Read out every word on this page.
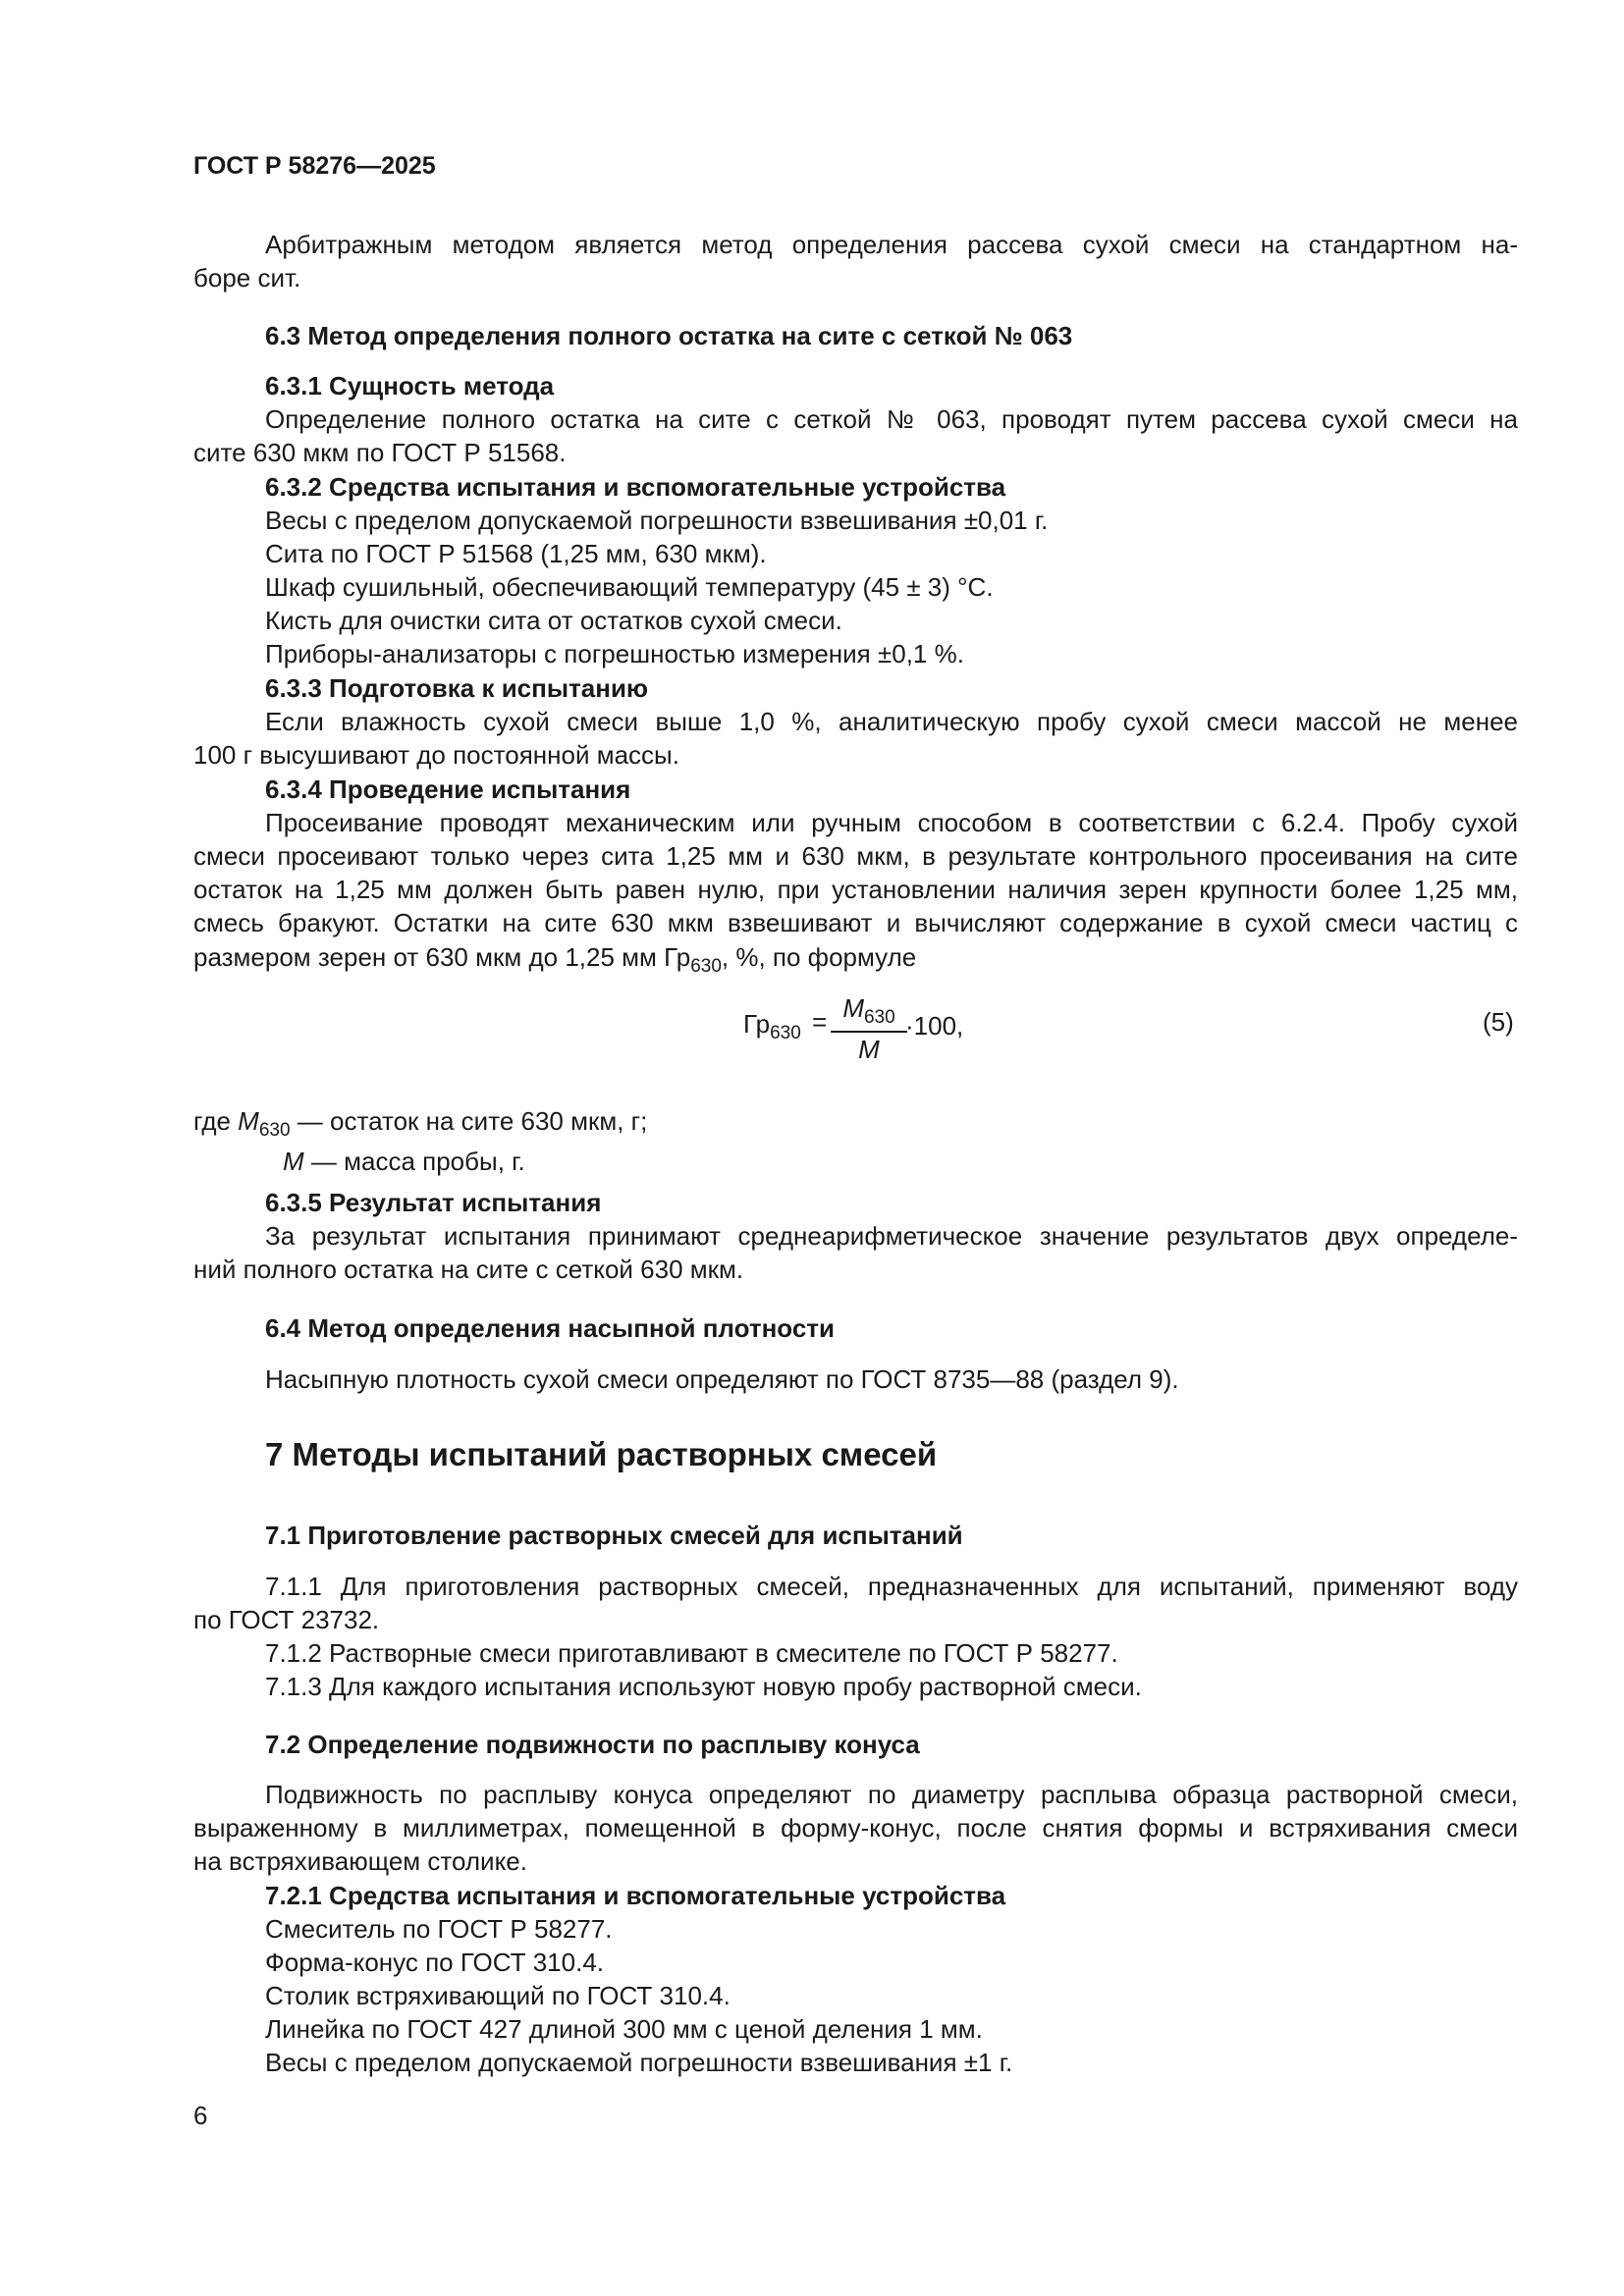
ГОСТ Р 58276—2025
Арбитражным методом является метод определения рассева сухой смеси на стандартном на-
боре сит.
6.3 Метод определения полного остатка на сите с сеткой № 063
6.3.1 Сущность метода
Определение полного остатка на сите с сеткой № 063, проводят путем рассева сухой смеси на
сите 630 мкм по ГОСТ Р 51568.
6.3.2 Средства испытания и вспомогательные устройства
Весы с пределом допускаемой погрешности взвешивания ±0,01 г.
Сита по ГОСТ Р 51568 (1,25 мм, 630 мкм).
Шкаф сушильный, обеспечивающий температуру (45 ± 3) °С.
Кисть для очистки сита от остатков сухой смеси.
Приборы-анализаторы с погрешностью измерения ±0,1 %.
6.3.3 Подготовка к испытанию
Если влажность сухой смеси выше 1,0 %, аналитическую пробу сухой смеси массой не менее
100 г высушивают до постоянной массы.
6.3.4 Проведение испытания
Просеивание проводят механическим или ручным способом в соответствии с 6.2.4. Пробу сухой
смеси просеивают только через сита 1,25 мм и 630 мкм, в результате контрольного просеивания на сите
остаток на 1,25 мм должен быть равен нулю, при установлении наличия зерен крупности более 1,25 мм,
смесь бракуют. Остатки на сите 630 мкм взвешивают и вычисляют содержание в сухой смеси частиц с
размером зерен от 630 мкм до 1,25 мм $Гр_{630}$, %, по формуле
$Гр_{630} = M_{630}$
M
·100,	(5)
где $M_{630}$ — остаток на сите 630 мкм, г;
M — масса пробы, г.
6.3.5 Результат испытания
За результат испытания принимают среднеарифметическое значение результатов двух определе-
ний полного остатка на сите с сеткой 630 мкм.
6.4 Метод определения насыпной плотности
Насыпную плотность сухой смеси определяют по ГОСТ 8735—88 (раздел 9).
7 Методы испытаний растворных смесей
7.1 Приготовление растворных смесей для испытаний
7.1.1 Для приготовления растворных смесей, предназначенных для испытаний, применяют воду
по ГОСТ 23732.
7.1.2 Растворные смеси приготавливают в смесителе по ГОСТ Р 58277.
7.1.3 Для каждого испытания используют новую пробу растворной смеси.
7.2 Определение подвижности по расплыву конуса
Подвижность по расплыву конуса определяют по диаметру расплыва образца растворной смеси,
выраженному в миллиметрах, помещенной в форму-конус, после снятия формы и встряхивания смеси
на встряхивающем столике.
7.2.1 Средства испытания и вспомогательные устройства
Смеситель по ГОСТ Р 58277.
Форма-конус по ГОСТ 310.4.
Столик встряхивающий по ГОСТ 310.4.
Линейка по ГОСТ 427 длиной 300 мм с ценой деления 1 мм.
Весы с пределом допускаемой погрешности взвешивания ±1 г.
6
